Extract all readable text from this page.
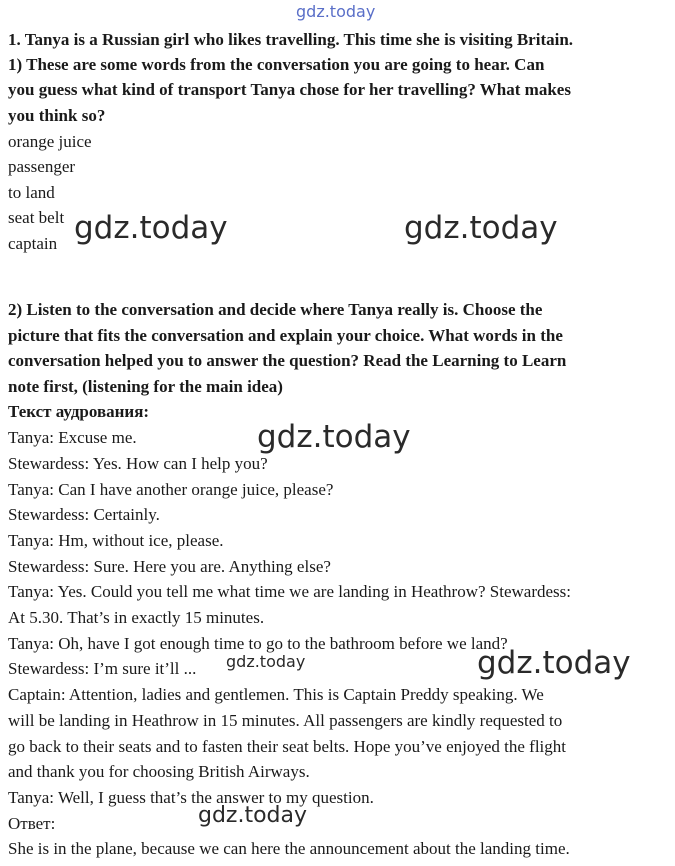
gdz.today
gdz.today	gdz.today
gdz.today
gdz.today
gdz.today
gdz.today
1. Tanya is a Russian girl who likes travelling. This time she is visiting Britain.
1) These are some words from the conversation you are going to hear. Can
you guess what kind of transport Tanya chose for her travelling? What makes
you think so?
orange juice
passenger
to land
seat belt
captain
2) Listen to the conversation and decide where Tanya really is. Choose the
picture that fits the conversation and explain your choice. What words in the
conversation helped you to answer the question? Read the Learning to Learn
note first, (listening for the main idea)
Текст аудрования:
Tanya: Excuse me.
Stewardess: Yes. How can I help you?
Tanya: Can I have another orange juice, please?
Stewardess: Certainly.
Tanya: Hm, without ice, please.
Stewardess: Sure. Here you are. Anything else?
Tanya: Yes. Could you tell me what time we are landing in Heathrow? Stewardess:
At 5.30. That’s in exactly 15 minutes.
Tanya: Oh, have I got enough time to go to the bathroom before we land?
Stewardess: I’m sure it’ll ...
Captain: Attention, ladies and gentlemen. This is Captain Preddy speaking. We
will be landing in Heathrow in 15 minutes. All passengers are kindly requested to
go back to their seats and to fasten their seat belts. Hope you’ve enjoyed the flight
and thank you for choosing British Airways.
Tanya: Well, I guess that’s the answer to my question.
Ответ:
She is in the plane, because we can here the announcement about the landing time.
